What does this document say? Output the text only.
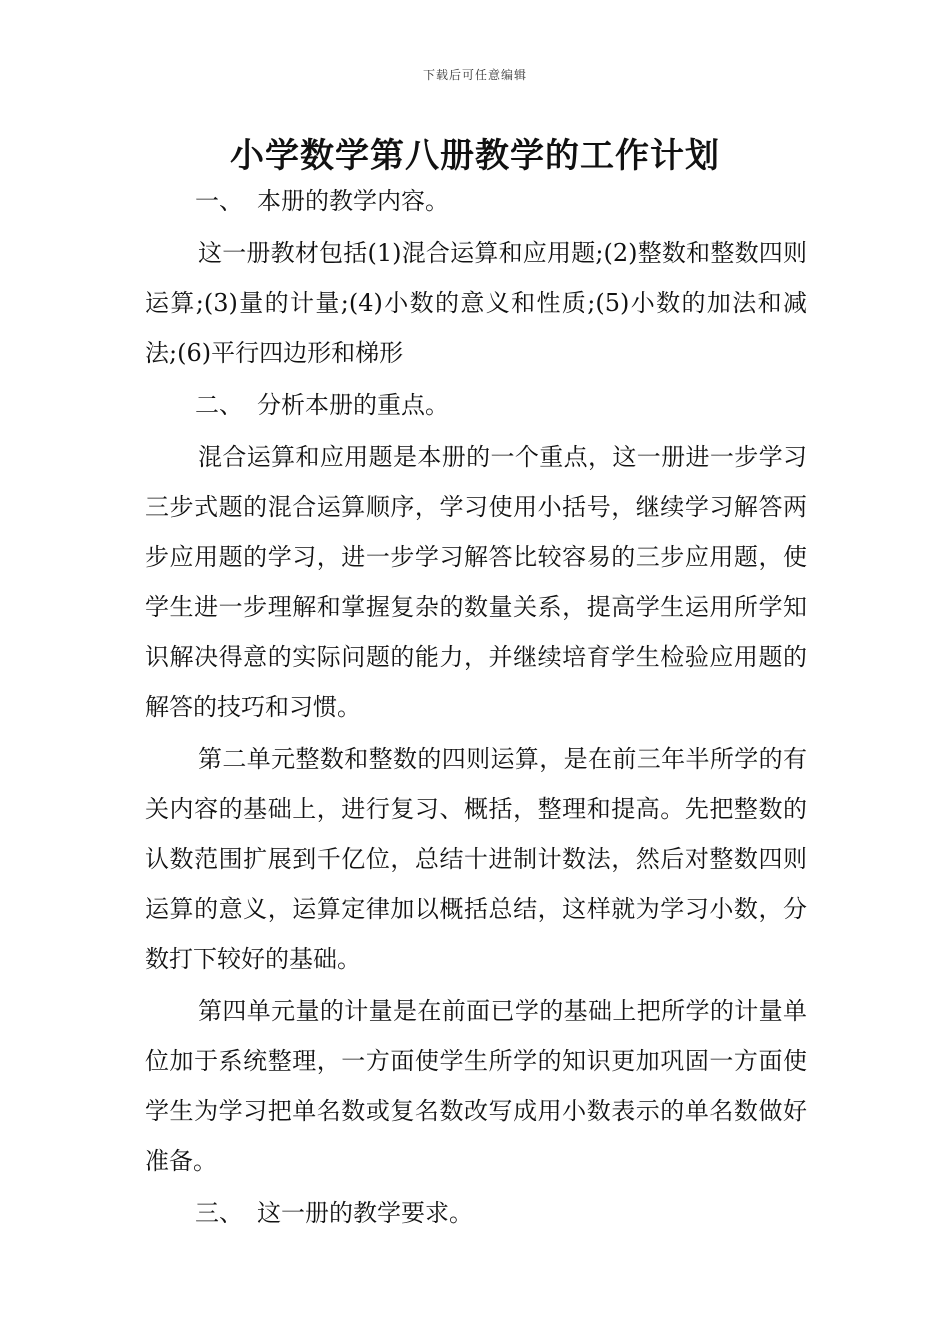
下载后可任意编辑
小学数学第八册教学的工作计划
一、 本册的教学内容。

这一册教材包括(1)混合运算和应用题;(2)整数和整数四则运算;(3)量的计量;(4)小数的意义和性质;(5)小数的加法和减法;(6)平行四边形和梯形

二、 分析本册的重点。

混合运算和应用题是本册的一个重点，这一册进一步学习三步式题的混合运算顺序，学习使用小括号，继续学习解答两步应用题的学习，进一步学习解答比较容易的三步应用题，使学生进一步理解和掌握复杂的数量关系，提高学生运用所学知识解决得意的实际问题的能力，并继续培育学生检验应用题的解答的技巧和习惯。

第二单元整数和整数的四则运算，是在前三年半所学的有关内容的基础上，进行复习、概括，整理和提高。先把整数的认数范围扩展到千亿位，总结十进制计数法，然后对整数四则运算的意义，运算定律加以概括总结，这样就为学习小数，分数打下较好的基础。

第四单元量的计量是在前面已学的基础上把所学的计量单位加于系统整理，一方面使学生所学的知识更加巩固一方面使学生为学习把单名数或复名数改写成用小数表示的单名数做好准备。

三、 这一册的教学要求。
